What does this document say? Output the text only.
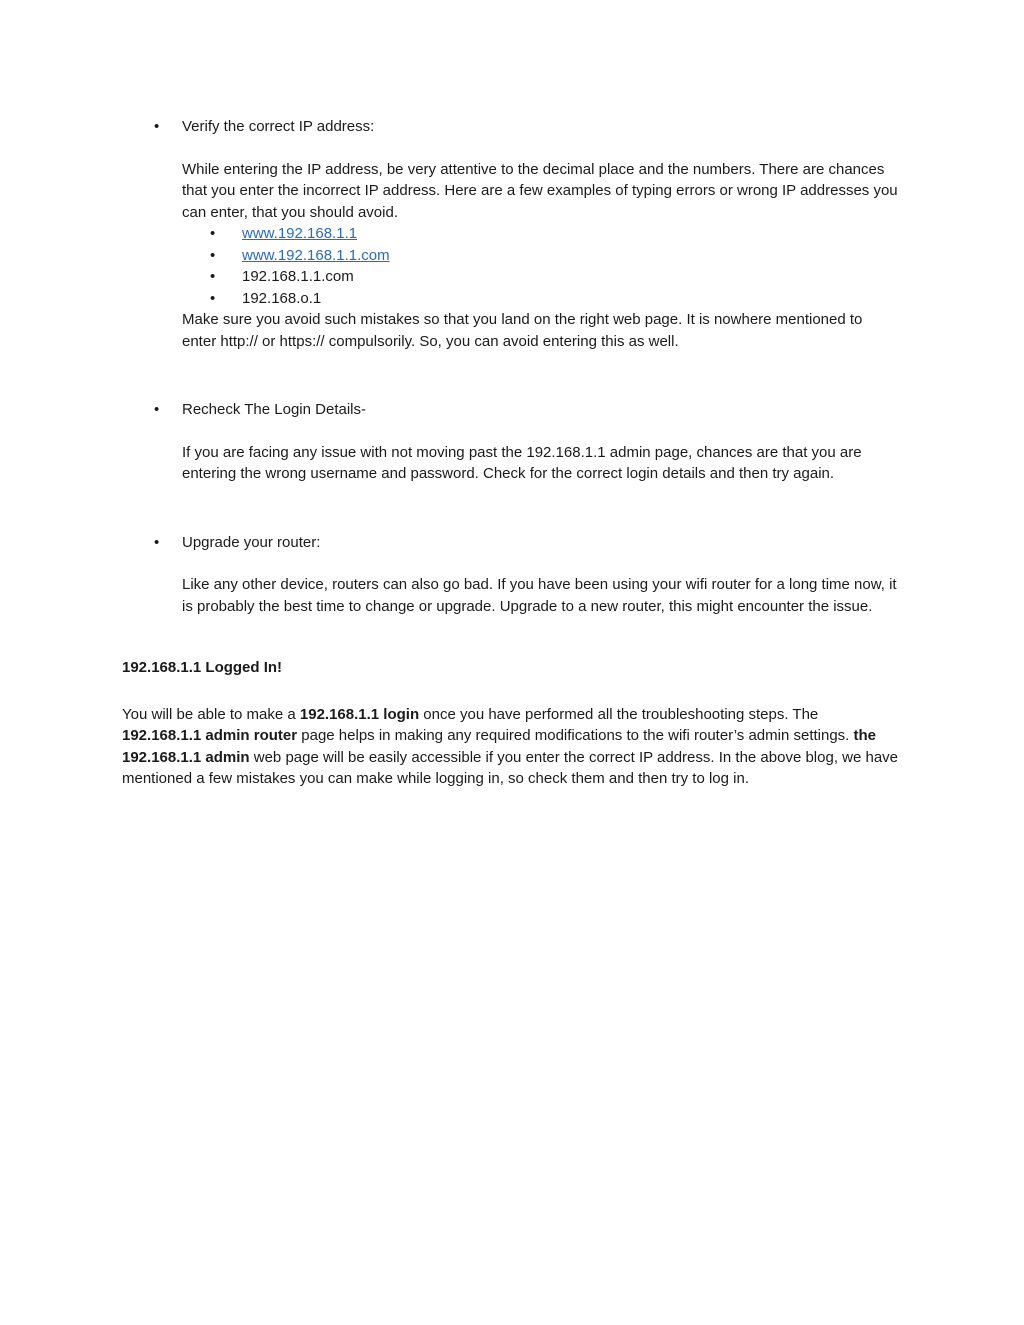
• Verify the correct IP address:

While entering the IP address, be very attentive to the decimal place and the numbers. There are chances that you enter the incorrect IP address. Here are a few examples of typing errors or wrong IP addresses you can enter, that you should avoid.

• www.192.168.1.1
• www.192.168.1.1.com
• 192.168.1.1.com
• 192.168.o.1

Make sure you avoid such mistakes so that you land on the right web page. It is nowhere mentioned to enter http:// or https:// compulsorily. So, you can avoid entering this as well.

• Recheck The Login Details-

If you are facing any issue with not moving past the 192.168.1.1 admin page, chances are that you are entering the wrong username and password. Check for the correct login details and then try again.

• Upgrade your router:

Like any other device, routers can also go bad. If you have been using your wifi router for a long time now, it is probably the best time to change or upgrade. Upgrade to a new router, this might encounter the issue.

192.168.1.1 Logged In!

You will be able to make a 192.168.1.1 login once you have performed all the troubleshooting steps. The 192.168.1.1 admin router page helps in making any required modifications to the wifi router’s admin settings. the 192.168.1.1 admin web page will be easily accessible if you enter the correct IP address. In the above blog, we have mentioned a few mistakes you can make while logging in, so check them and then try to log in.
